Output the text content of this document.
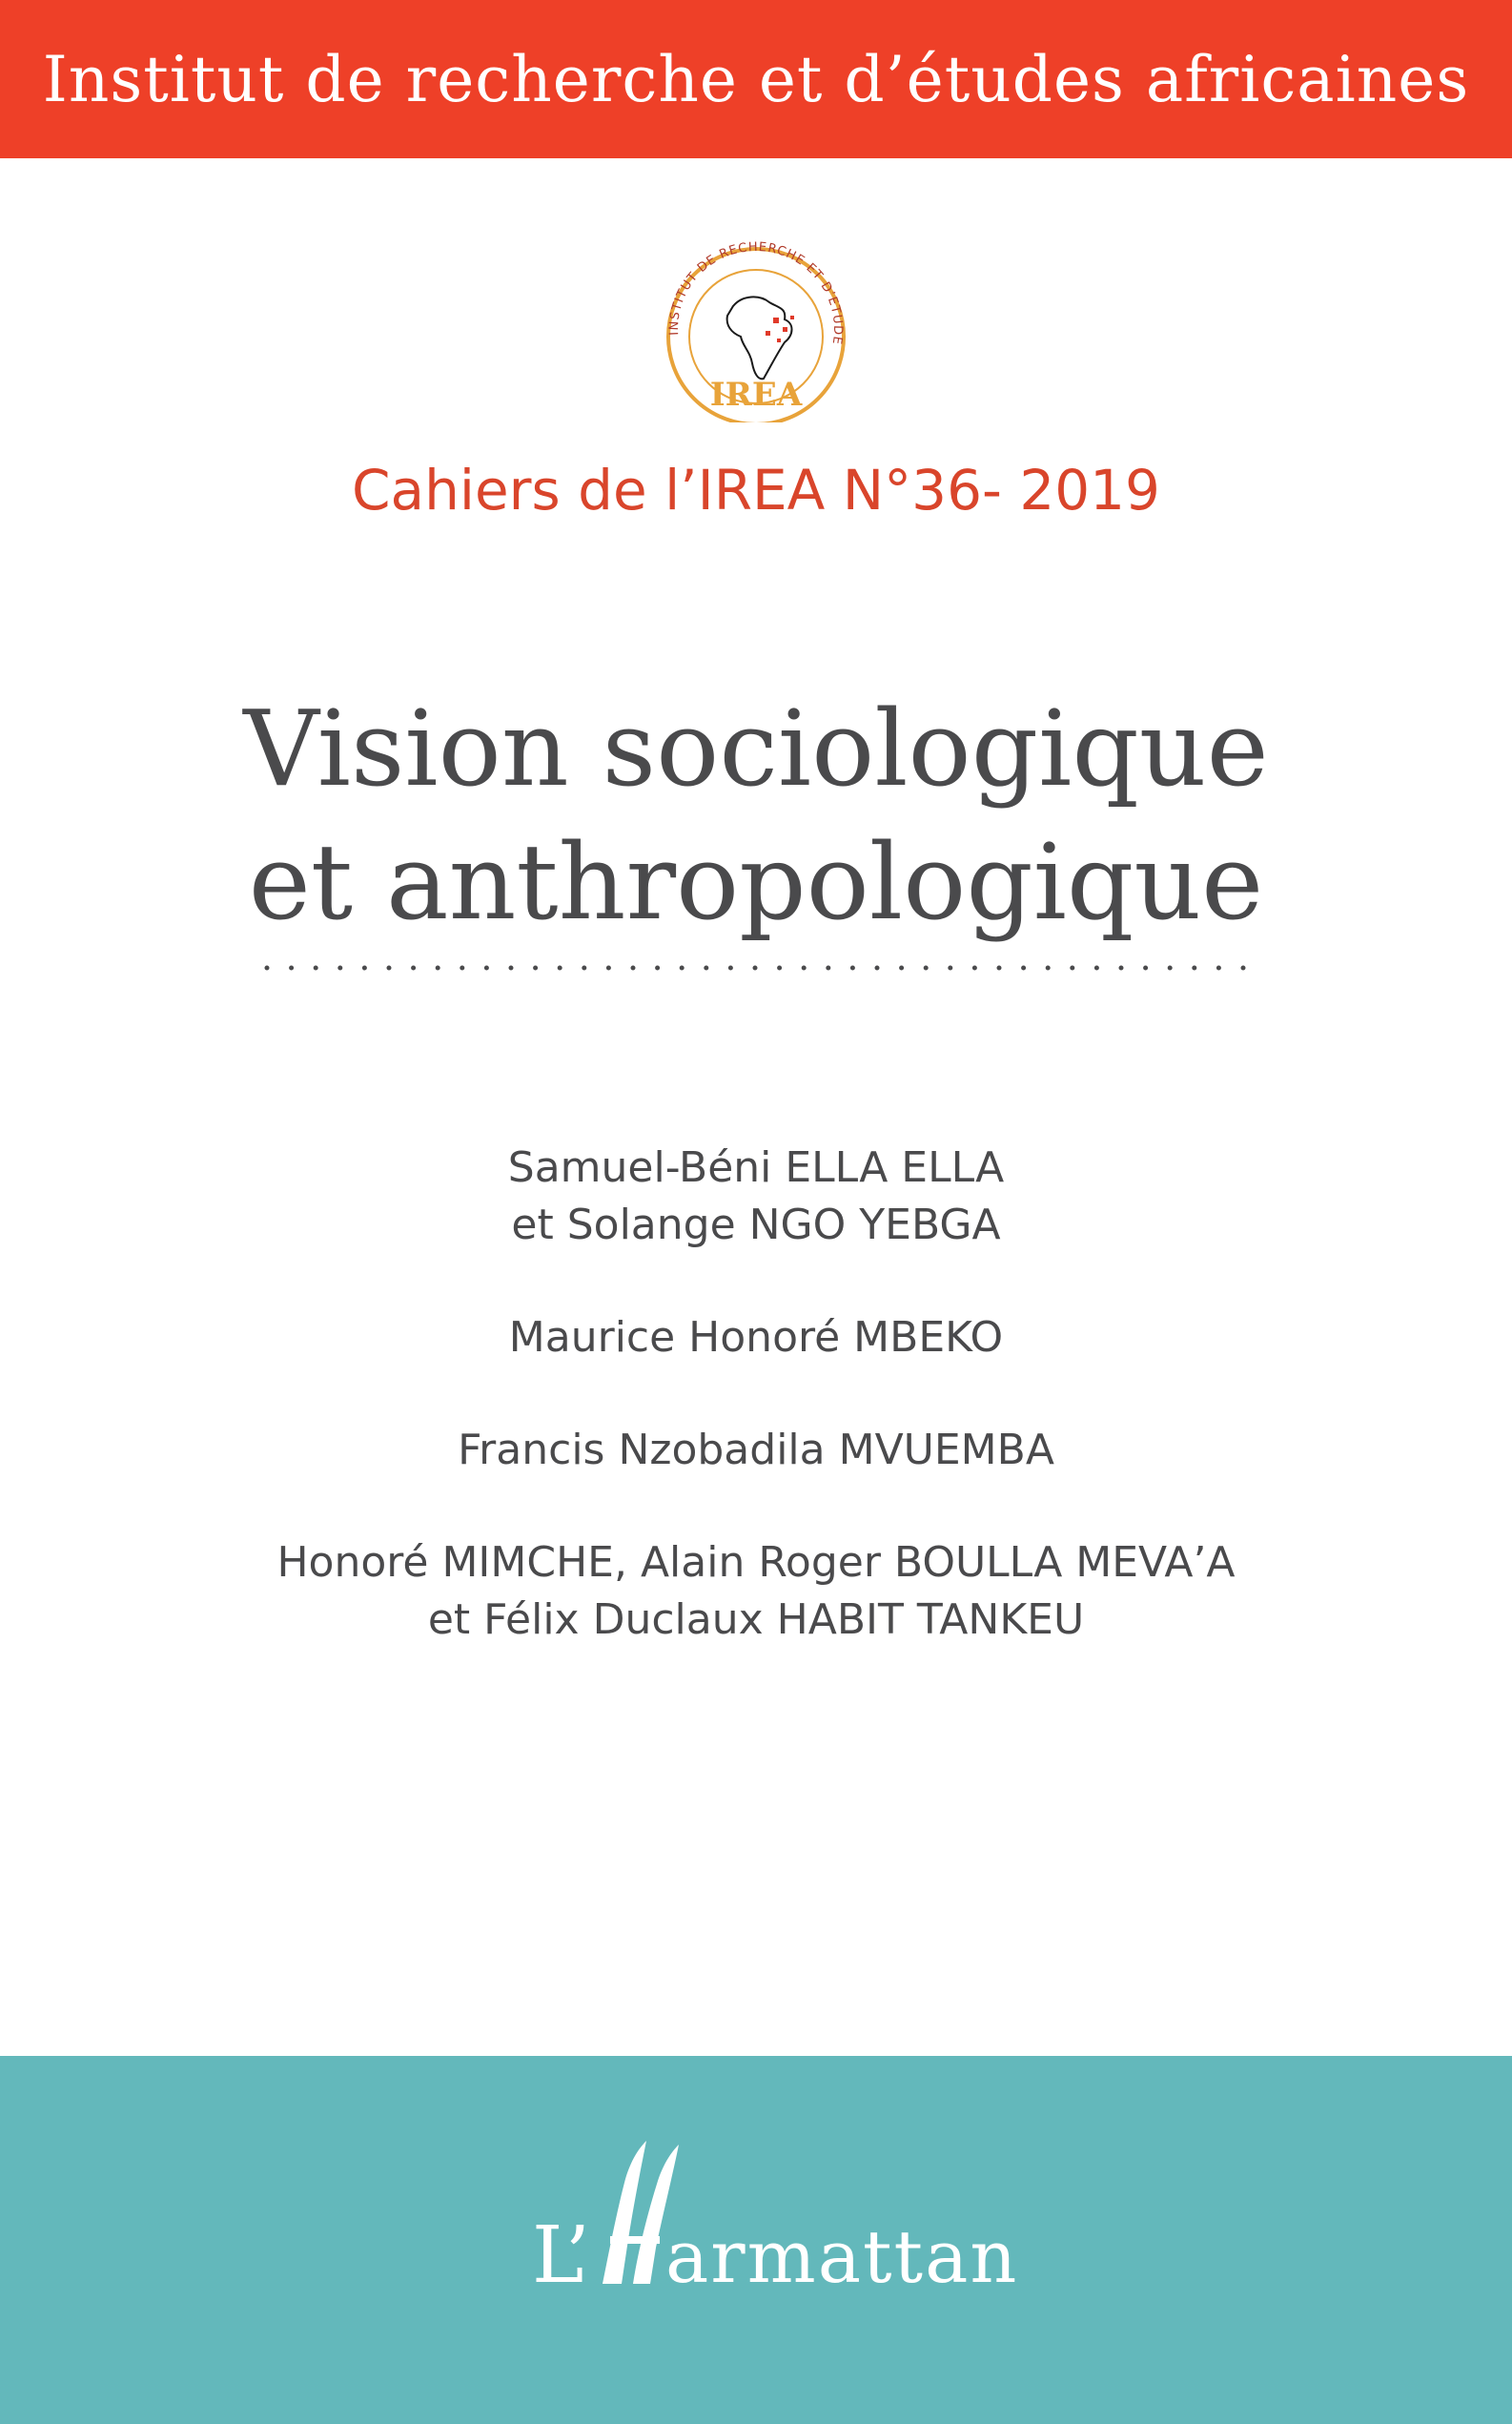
Institut de recherche et d’études africaines
INSTITUT DE RECHERCHE ET D’ETUDE
IREA
Cahiers de l’IREA N°36- 2019
Vision sociologique
et anthropologique
Samuel-Béni ELLA ELLA
et Solange NGO YEBGA
Maurice Honoré MBEKO
Francis Nzobadila MVUEMBA
Honoré MIMCHE, Alain Roger BOULLA MEVA’A
et Félix Duclaux HABIT TANKEU
L’ armattan
